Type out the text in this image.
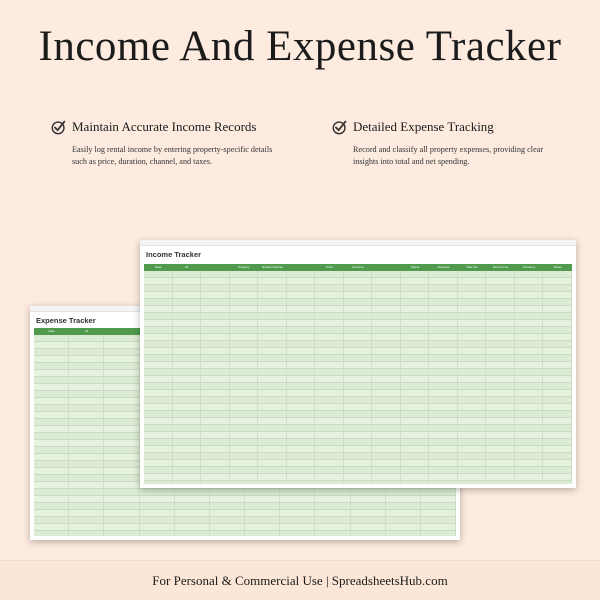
Income And Expense Tracker
Maintain Accurate Income Records
Easily log rental income by entering property-specific details such as price, duration, channel, and taxes.
Detailed Expense Tracking
Record and classify all property expenses, providing clear insights into total and net spending.
Expense Tracker
Date	ID
Income Tracker
Date	ID	Property	Rental Channel	Price	Currency	Nights	Revenue	Sale Tax	Net Income	Currency	Notes
For Personal & Commercial Use | SpreadsheetsHub.com
